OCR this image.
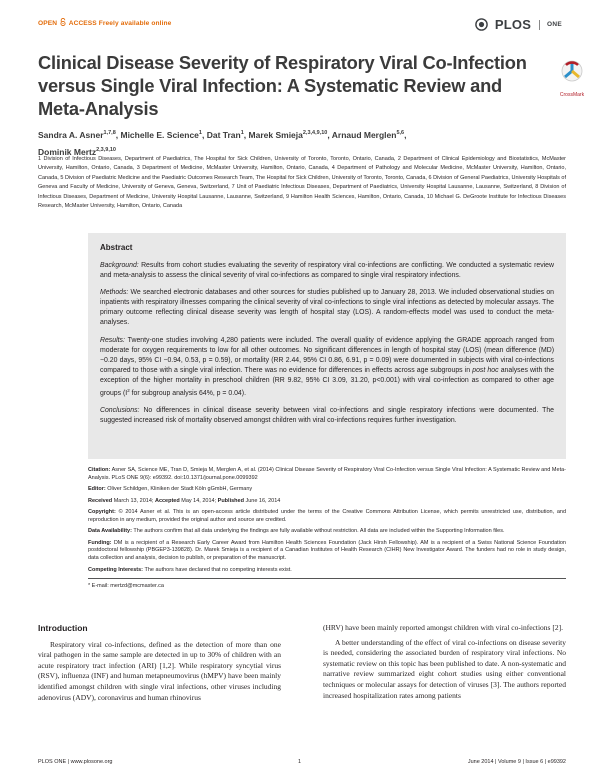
OPEN ACCESS Freely available online	PLOS ONE
Clinical Disease Severity of Respiratory Viral Co-Infection versus Single Viral Infection: A Systematic Review and Meta-Analysis
CrossMark
Sandra A. Asner$^{1,7,8}$, Michelle E. Science$^1$, Dat Tran$^1$, Marek Smieja$^{2,3,4,9,10}$, Arnaud Merglen$^{5,6}$,
Dominik Mertz$^{2,3,9,10}$
1 Division of Infectious Diseases, Department of Paediatrics, The Hospital for Sick Children, University of Toronto, Toronto, Ontario, Canada, 2 Department of Clinical Epidemiology and Biostatistics, McMaster University, Hamilton, Ontario, Canada, 3 Department of Medicine, McMaster University, Hamilton, Ontario, Canada, 4 Department of Pathology and Molecular Medicine, McMaster University, Hamilton, Ontario, Canada, 5 Division of Paediatric Medicine and the Paediatric Outcomes Research Team, The Hospital for Sick Children, University of Toronto, Toronto, Canada, 6 Division of General Paediatrics, University Hospitals of Geneva and Faculty of Medicine, University of Geneva, Geneva, Switzerland, 7 Unit of Paediatric Infectious Diseases, Department of Paediatrics, University Hospital Lausanne, Lausanne, Switzerland, 8 Division of Infectious Diseases, Department of Medicine, University Hospital Lausanne, Lausanne, Switzerland, 9 Hamilton Health Sciences, Hamilton, Ontario, Canada, 10 Michael G. DeGroote Institute for Infectious Diseases Research, McMaster University, Hamilton, Ontario, Canada
Abstract

Background: Results from cohort studies evaluating the severity of respiratory viral co-infections are conflicting. We conducted a systematic review and meta-analysis to assess the clinical severity of viral co-infections as compared to single viral respiratory infections.

Methods: We searched electronic databases and other sources for studies published up to January 28, 2013. We included observational studies on inpatients with respiratory illnesses comparing the clinical severity of viral co-infections to single viral infections as detected by molecular assays. The primary outcome reflecting clinical disease severity was length of hospital stay (LOS). A random-effects model was used to conduct the meta-analyses.

Results: Twenty-one studies involving 4,280 patients were included. The overall quality of evidence applying the GRADE approach ranged from moderate for oxygen requirements to low for all other outcomes. No significant differences in length of hospital stay (LOS) (mean difference (MD) −0.20 days, 95% CI −0.94, 0.53, p = 0.59), or mortality (RR 2.44, 95% CI 0.86, 6.91, p = 0.09) were documented in subjects with viral co-infections compared to those with a single viral infection. There was no evidence for differences in effects across age subgroups in post hoc analyses with the exception of the higher mortality in preschool children (RR 9.82, 95% CI 3.09, 31.20, p<0.001) with viral co-infection as compared to other age groups ($I^2$ for subgroup analysis 64%, p = 0.04).

Conclusions: No differences in clinical disease severity between viral co-infections and single respiratory infections were documented. The suggested increased risk of mortality observed amongst children with viral co-infections requires further investigation.

Citation: Asner SA, Science ME, Tran D, Smieja M, Merglen A, et al. (2014) Clinical Disease Severity of Respiratory Viral Co-Infection versus Single Viral Infection: A Systematic Review and Meta-Analysis. PLoS ONE 9(6): e99392. doi:10.1371/journal.pone.0099392
Editor: Oliver Schildgen, Kliniken der Stadt Köln gGmbH, Germany
Received March 13, 2014; Accepted May 14, 2014; Published June 16, 2014
Copyright: © 2014 Asner et al. This is an open-access article distributed under the terms of the Creative Commons Attribution License, which permits unrestricted use, distribution, and reproduction in any medium, provided the original author and source are credited.
Data Availability: The authors confirm that all data underlying the findings are fully available without restriction. All data are included within the Supporting Information files.
Funding: DM is a recipient of a Research Early Career Award from Hamilton Health Sciences Foundation (Jack Hirsh Fellowship). AM is a recipient of a Swiss National Science Foundation postdoctoral fellowship (PBGEP3-139828). Dr. Marek Smieja is a recipient of a Canadian Institutes of Health Research (CIHR) New Investigator Award. The funders had no role in study design, data collection and analysis, decision to publish, or preparation of the manuscript.
Competing Interests: The authors have declared that no competing interests exist.
* E-mail: mertzd@mcmaster.ca
Introduction

Respiratory viral co-infections, defined as the detection of more than one viral pathogen in the same sample are detected in up to 30% of children with an acute respiratory tract infection (ARI) [1,2]. While respiratory syncytial virus (RSV), influenza (INF) and human metapneumovirus (hMPV) have been mainly identified amongst children with single viral infections, other viruses including adenovirus (ADV), coronavirus and human rhinovirus

(HRV) have been mainly reported amongst children with viral co-infections [2].

A better understanding of the effect of viral co-infections on disease severity is needed, considering the associated burden of respiratory viral infections. No systematic review on this topic has been published to date. A non-systematic and narrative review summarized eight cohort studies using either conventional techniques or molecular assays for detection of viruses [3]. The authors reported increased hospitalization rates among patients

PLOS ONE | www.plosone.org	1	June 2014 | Volume 9 | Issue 6 | e99392
